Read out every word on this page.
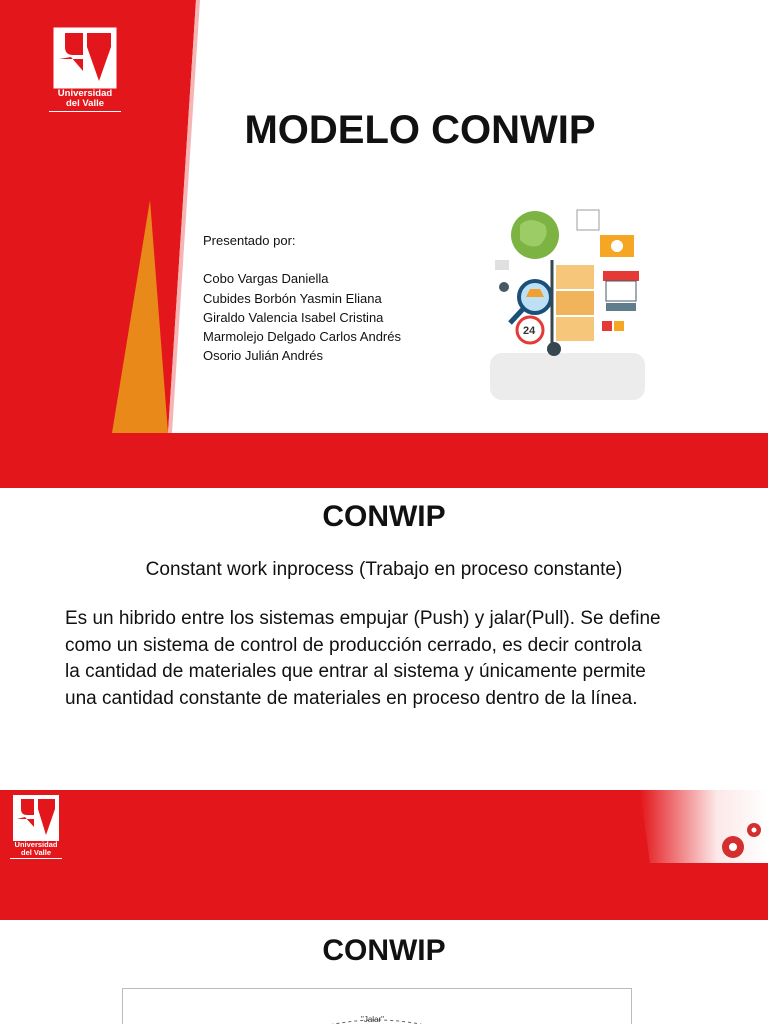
Universidad
del Valle
MODELO CONWIP
Presentado por:
Cobo Vargas Daniella
Cubides Borbón Yasmin Eliana
Giraldo Valencia Isabel Cristina
Marmolejo Delgado Carlos Andrés
Osorio Julián Andrés
24
CONWIP
Constant work inprocess (Trabajo en proceso constante)
Es un hibrido entre los sistemas empujar (Push) y jalar(Pull). Se define
como un sistema de control de producción cerrado, es decir controla
la cantidad de materiales que entrar al sistema y únicamente permite
una cantidad constante de materiales en proceso dentro de la línea.
Universidad
del Valle
CONWIP
"Jalar"
